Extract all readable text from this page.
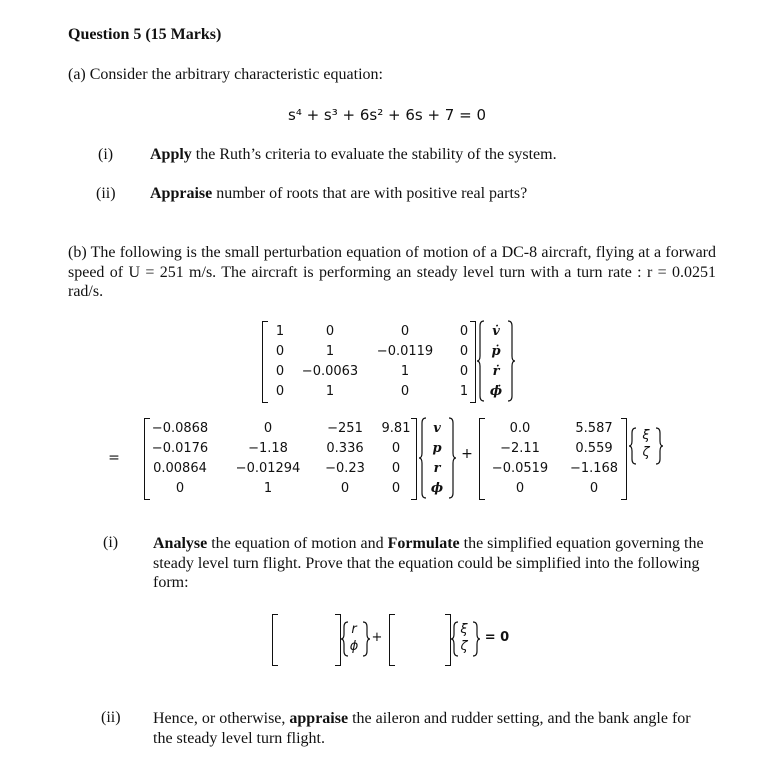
Question 5 (15 Marks)
(a) Consider the arbitrary characteristic equation:
s⁴ + s³ + 6s² + 6s + 7 = 0
(i) Apply the Ruth’s criteria to evaluate the stability of the system.
(ii) Appraise number of roots that are with positive real parts?
(b) The following is the small perturbation equation of motion of a DC-8 aircraft, flying at a forward speed of U = 251 m/s. The aircraft is performing an steady level turn with a turn rate : r = 0.0251 rad/s.
1	0	0	0
0	1	−0.0119	0
0	−0.0063	1	0
0	1	0	1
v̇
ṗ
ṙ
ϕ̇
=
−0.0868	0	−251	9.81
−0.0176	−1.18	0.336	0
0.00864	−0.01294	−0.23	0
0	1	0	0
v
p
r
ϕ
+
0.0	5.587
−2.11	0.559
−0.0519	−1.168
0	0
ξ
ζ
(i) Analyse the equation of motion and Formulate the simplified equation governing the steady level turn flight. Prove that the equation could be simplified into the following form:
r
ϕ
+
ξ
ζ
= 0
(ii) Hence, or otherwise, appraise the aileron and rudder setting, and the bank angle for the steady level turn flight.
